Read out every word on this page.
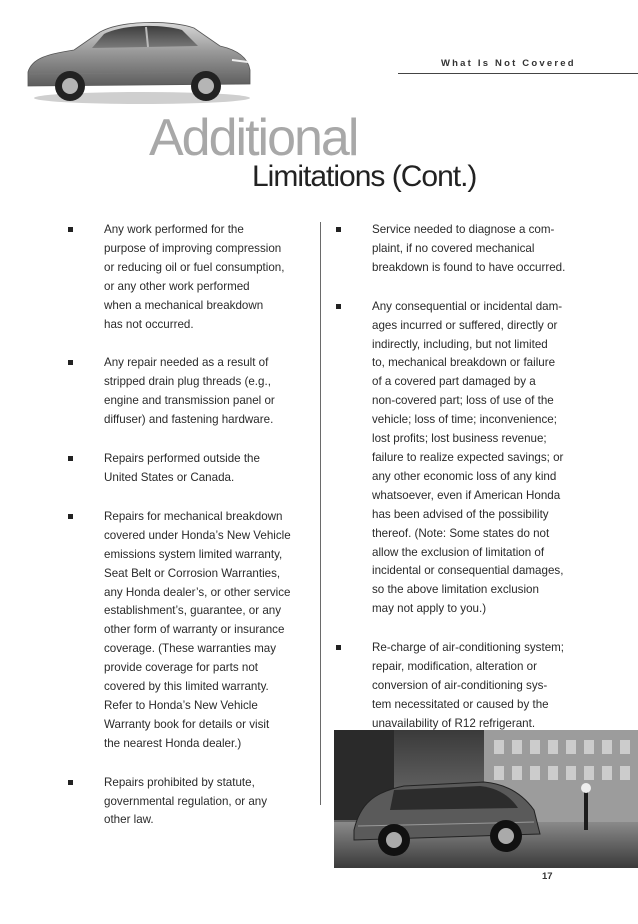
What Is Not Covered
Additional
Limitations (Cont.)

Any work performed for the
purpose of improving compression
or reducing oil or fuel consumption,
or any other work performed
when a mechanical breakdown
has not occurred.

Any repair needed as a result of
stripped drain plug threads (e.g.,
engine and transmission panel or
diffuser) and fastening hardware.

Repairs performed outside the
United States or Canada.

Repairs for mechanical breakdown
covered under Honda’s New Vehicle
emissions system limited warranty,
Seat Belt or Corrosion Warranties,
any Honda dealer’s, or other service
establishment’s, guarantee, or any
other form of warranty or insurance
coverage. (These warranties may
provide coverage for parts not
covered by this limited warranty.
Refer to Honda’s New Vehicle
Warranty book for details or visit
the nearest Honda dealer.)

Repairs prohibited by statute,
governmental regulation, or any
other law.

Service needed to diagnose a com-
plaint, if no covered mechanical
breakdown is found to have occurred.

Any consequential or incidental dam-
ages incurred or suffered, directly or
indirectly, including, but not limited
to, mechanical breakdown or failure
of a covered part damaged by a
non-covered part; loss of use of the
vehicle; loss of time; inconvenience;
lost profits; lost business revenue;
failure to realize expected savings; or
any other economic loss of any kind
whatsoever, even if American Honda
has been advised of the possibility
thereof. (Note: Some states do not
allow the exclusion of limitation of
incidental or consequential damages,
so the above limitation exclusion
may not apply to you.)

Re-charge of air-conditioning system;
repair, modification, alteration or
conversion of air-conditioning sys-
tem necessitated or caused by the
unavailability of R12 refrigerant.

17
